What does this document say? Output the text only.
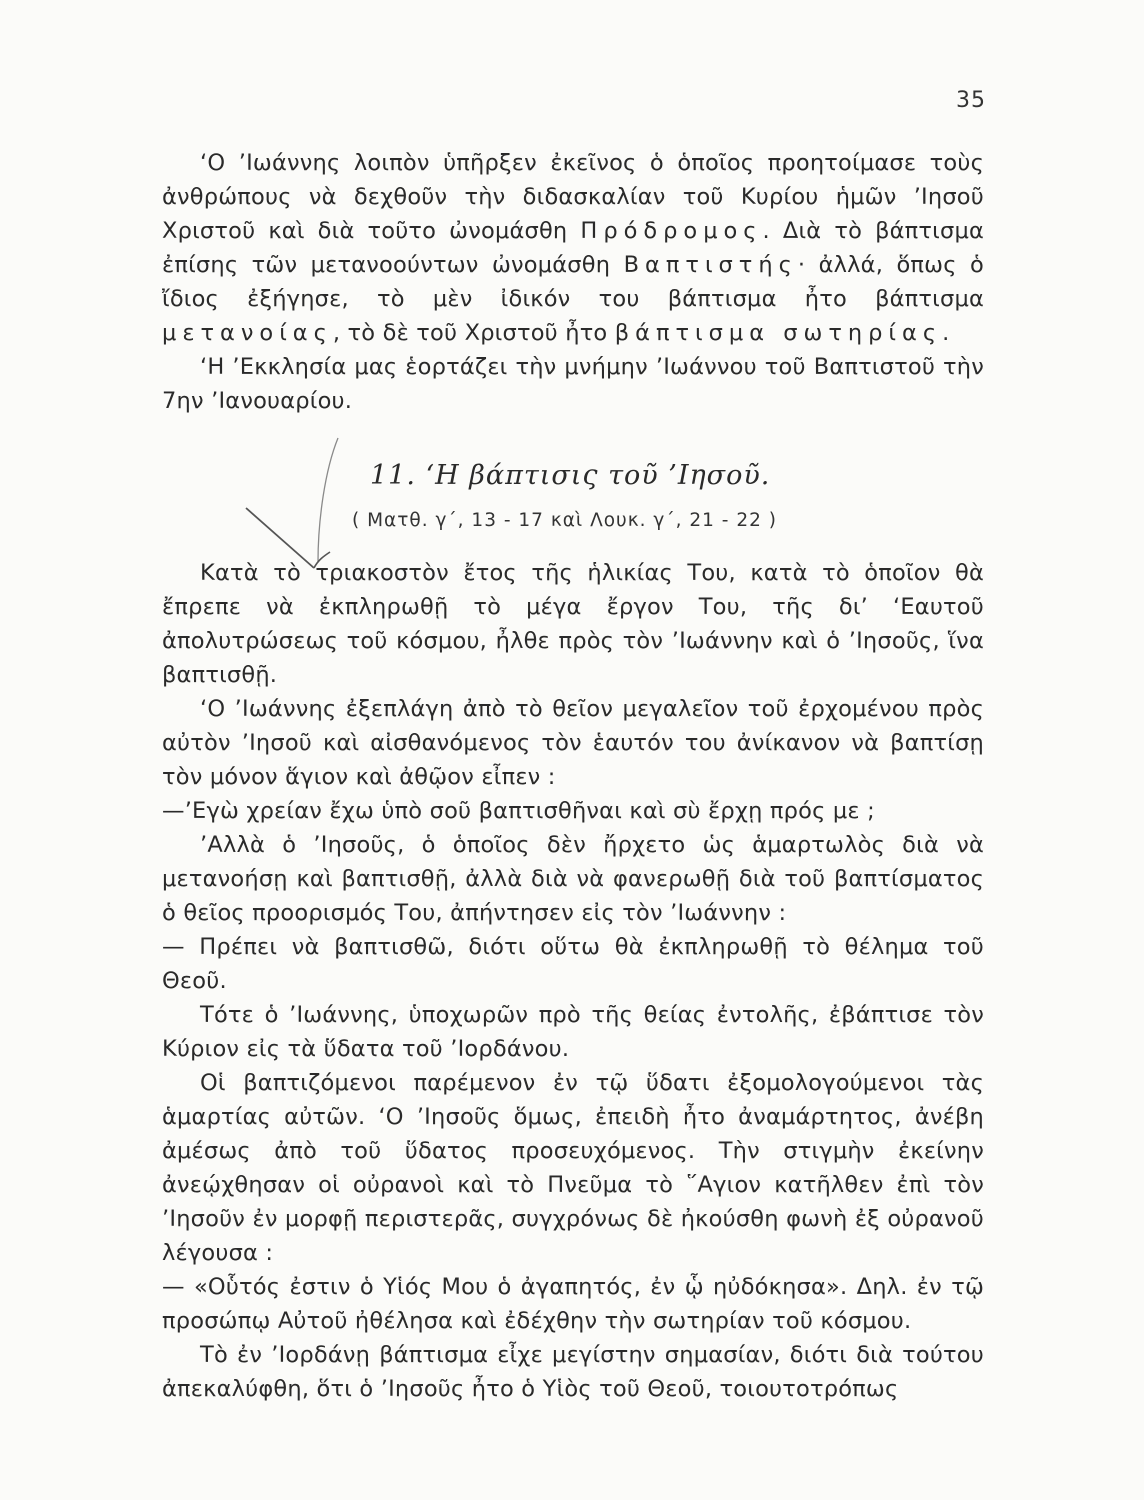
35

‘Ο ’Ιωάννης λοιπὸν ὑπῆρξεν ἐκεῖνος ὁ ὁποῖος προητοίμασε τοὺς ἀνθρώπους νὰ δεχθοῦν τὴν διδασκαλίαν τοῦ Κυρίου ἡμῶν ’Ιησοῦ Χριστοῦ καὶ διὰ τοῦτο ὠνομάσθη Πρόδρομος. Διὰ τὸ βάπτισμα ἐπίσης τῶν μετανοούντων ὠνομάσθη Βαπτιστής· ἀλλά, ὅπως ὁ ἴδιος ἐξήγησε, τὸ μὲν ἰδικόν του βάπτισμα ἦτο βάπτισμα μετανοίας, τὸ δὲ τοῦ Χριστοῦ ἦτο βάπτισμα σωτηρίας.

‘Η ’Εκκλησία μας ἑορτάζει τὴν μνήμην ’Ιωάννου τοῦ Βαπτιστοῦ τὴν 7ην ’Ιανουαρίου.

11. ‘Η βάπτισις τοῦ ’Ιησοῦ.
( Ματθ. γ΄, 13 - 17 καὶ Λουκ. γ΄, 21 - 22 )

Κατὰ τὸ τριακοστὸν ἔτος τῆς ἡλικίας Του, κατὰ τὸ ὁποῖον θὰ ἔπρεπε νὰ ἐκπληρωθῇ τὸ μέγα ἔργον Του, τῆς δι’ ‘Εαυτοῦ ἀπολυτρώσεως τοῦ κόσμου, ἦλθε πρὸς τὸν ’Ιωάννην καὶ ὁ ’Ιησοῦς, ἵνα βαπτισθῇ.

‘Ο ’Ιωάννης ἐξεπλάγη ἀπὸ τὸ θεῖον μεγαλεῖον τοῦ ἐρχομένου πρὸς αὐτὸν ’Ιησοῦ καὶ αἰσθανόμενος τὸν ἑαυτόν του ἀνίκανον νὰ βαπτίσῃ τὸν μόνον ἅγιον καὶ ἀθῷον εἶπεν :

—’Εγὼ χρείαν ἔχω ὑπὸ σοῦ βαπτισθῆναι καὶ σὺ ἔρχῃ πρός με ;

’Αλλὰ ὁ ’Ιησοῦς, ὁ ὁποῖος δὲν ἤρχετο ὡς ἁμαρτωλὸς διὰ νὰ μετανοήσῃ καὶ βαπτισθῇ, ἀλλὰ διὰ νὰ φανερωθῇ διὰ τοῦ βαπτίσματος ὁ θεῖος προορισμός Του, ἀπήντησεν εἰς τὸν ’Ιωάννην :

— Πρέπει νὰ βαπτισθῶ, διότι οὕτω θὰ ἐκπληρωθῇ τὸ θέλημα τοῦ Θεοῦ.

Τότε ὁ ’Ιωάννης, ὑποχωρῶν πρὸ τῆς θείας ἐντολῆς, ἐβάπτισε τὸν Κύριον εἰς τὰ ὕδατα τοῦ ’Ιορδάνου.

Οἱ βαπτιζόμενοι παρέμενον ἐν τῷ ὕδατι ἐξομολογούμενοι τὰς ἁμαρτίας αὐτῶν. ‘Ο ’Ιησοῦς ὅμως, ἐπειδὴ ἦτο ἀναμάρτητος, ἀνέβη ἀμέσως ἀπὸ τοῦ ὕδατος προσευχόμενος. Τὴν στιγμὴν ἐκείνην ἀνεῴχθησαν οἱ οὐρανοὶ καὶ τὸ Πνεῦμα τὸ ῞Αγιον κατῆλθεν ἐπὶ τὸν ’Ιησοῦν ἐν μορφῇ περιστερᾶς, συγχρόνως δὲ ἠκούσθη φωνὴ ἐξ οὐρανοῦ λέγουσα :

— «Οὗτός ἐστιν ὁ Υἱός Μου ὁ ἀγαπητός, ἐν ᾧ ηὐδόκησα». Δηλ. ἐν τῷ προσώπῳ Αὐτοῦ ἠθέλησα καὶ ἐδέχθην τὴν σωτηρίαν τοῦ κόσμου.

Τὸ ἐν ’Ιορδάνῃ βάπτισμα εἶχε μεγίστην σημασίαν, διότι διὰ τούτου ἀπεκαλύφθη, ὅτι ὁ ’Ιησοῦς ἦτο ὁ Υἱὸς τοῦ Θεοῦ, τοιουτοτρόπως
